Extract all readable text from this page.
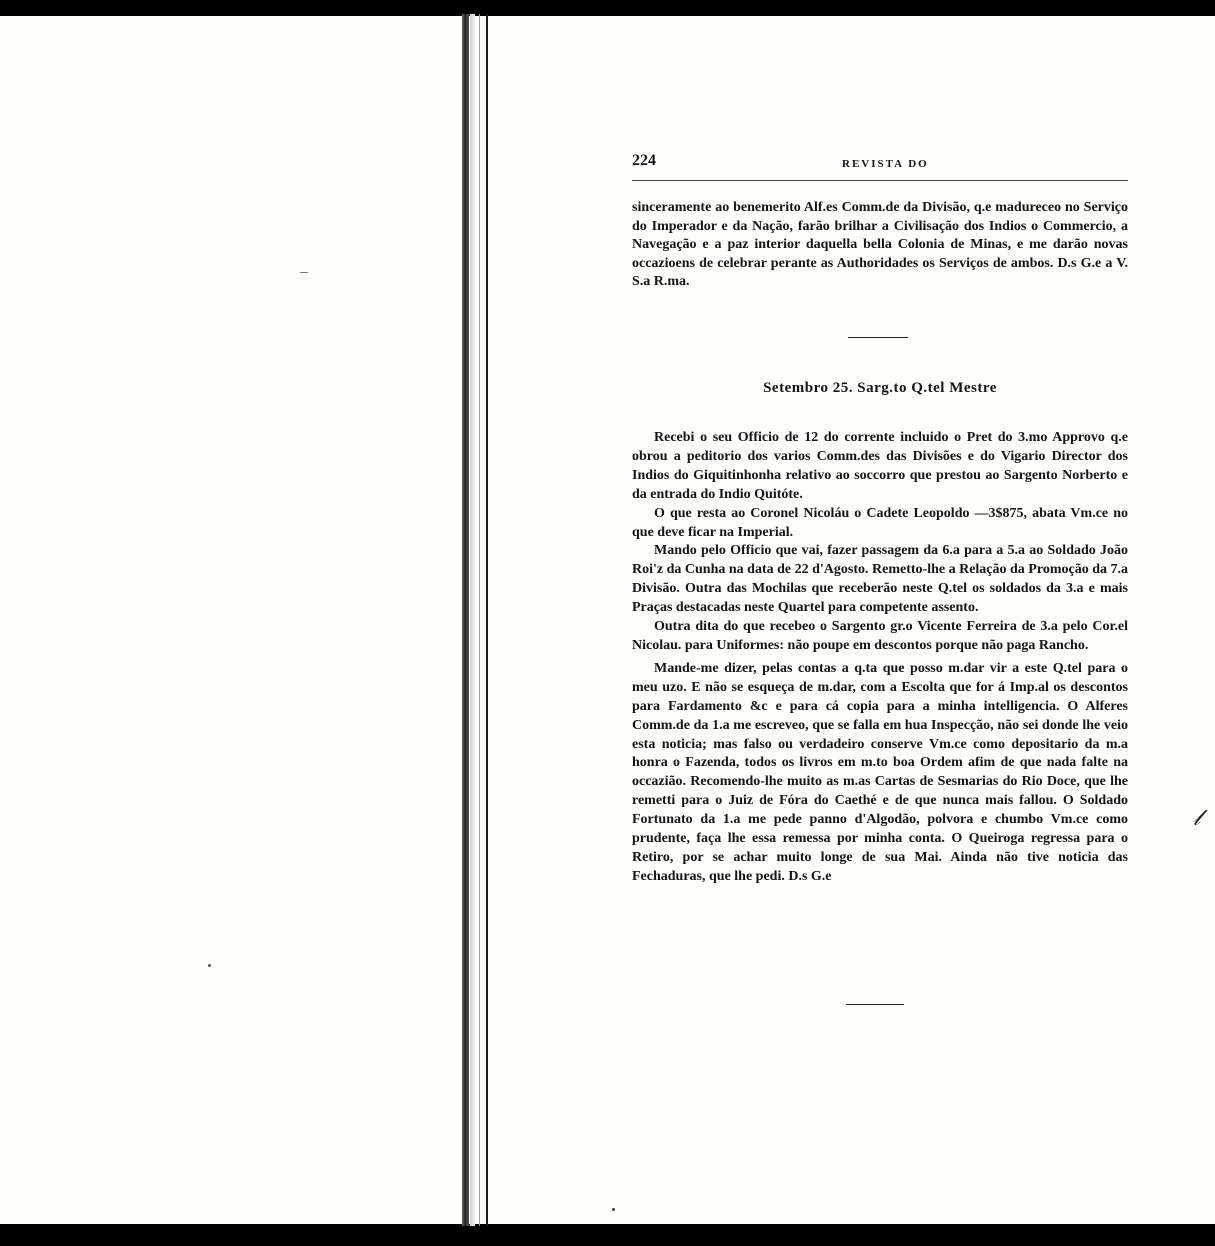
𝓁
224	REVISTA DO

sinceramente ao benemerito Alf.es Comm.de da Divisão, q.e madureceo no Serviço do Imperador e da Nação, farão brilhar a Civilisação dos Indios o Commercio, a Navegação e a paz interior daquella bella Colonia de Minas, e me darão novas occazioens de celebrar perante as Authoridades os Serviços de ambos. D.s G.e a V. S.a R.ma.

Setembro 25. Sarg.to Q.tel Mestre

Recebi o seu Officio de 12 do corrente incluido o Pret do 3.mo Approvo q.e obrou a peditorio dos varios Comm.des das Divisões e do Vigario Director dos Indios do Giquitinhonha relativo ao soccorro que prestou ao Sargento Norberto e da entrada do Indio Quitóte.

O que resta ao Coronel Nicoláu o Cadete Leopoldo —3$875, abata Vm.ce no que deve ficar na Imperial.

Mando pelo Officio que vai, fazer passagem da 6.a para a 5.a ao Soldado João Roi'z da Cunha na data de 22 d'Agosto. Remetto-lhe a Relação da Promoção da 7.a Divisão. Outra das Mochilas que receberão neste Q.tel os soldados da 3.a e mais Praças destacadas neste Quartel para competente assento.

Outra dita do que recebeo o Sargento gr.o Vicente Ferreira de 3.a pelo Cor.el Nicolau. para Uniformes: não poupe em descontos porque não paga Rancho.

Mande-me dizer, pelas contas a q.ta que posso m.dar vir a este Q.tel para o meu uzo. E não se esqueça de m.dar, com a Escolta que for á Imp.al os descontos para Fardamento &c e para cá copia para a minha intelligencia. O Alferes Comm.de da 1.a me escreveo, que se falla em hua Inspecção, não sei donde lhe veio esta noticia; mas falso ou verdadeiro conserve Vm.ce como depositario da m.a honra o Fazenda, todos os livros em m.to boa Ordem afim de que nada falte na occazião. Recomendo-lhe muito as m.as Cartas de Sesmarias do Rio Doce, que lhe remetti para o Juiz de Fóra do Caethé e de que nunca mais fallou. O Soldado Fortunato da 1.a me pede panno d'Algodão, polvora e chumbo Vm.ce como prudente, faça lhe essa remessa por minha conta. O Queiroga regressa para o Retiro, por se achar muito longe de sua Mai. Ainda não tive noticia das Fechaduras, que lhe pedi. D.s G.e
